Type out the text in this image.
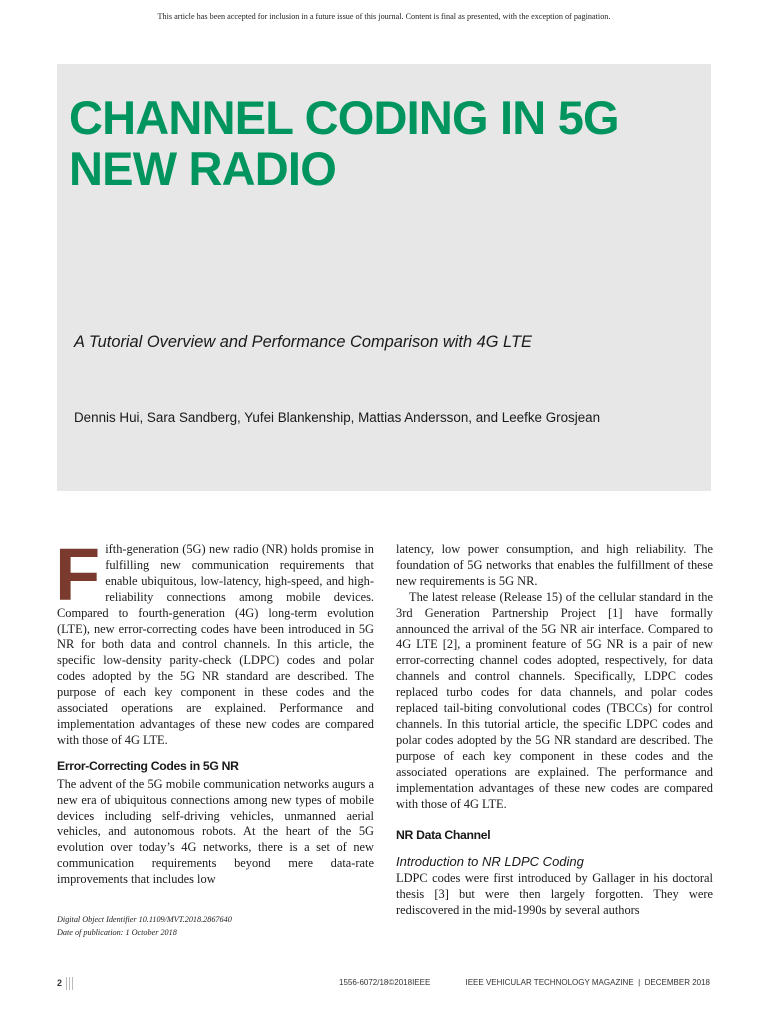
This article has been accepted for inclusion in a future issue of this journal. Content is final as presented, with the exception of pagination.
CHANNEL CODING IN 5G
NEW RADIO

A Tutorial Overview and Performance Comparison with 4G LTE

Dennis Hui, Sara Sandberg, Yufei Blankenship, Mattias Andersson, and Leefke Grosjean

Fifth-generation (5G) new radio (NR) holds promise in fulfilling new communication requirements that enable ubiquitous, low-latency, high-speed, and high-reliability connections among mobile devices. Compared to fourth-generation (4G) long-term evolution (LTE), new error-correcting codes have been introduced in 5G NR for both data and control channels. In this article, the specific low-density parity-check (LDPC) codes and polar codes adopted by the 5G NR standard are described. The purpose of each key component in these codes and the associated operations are explained. Performance and implementation advantages of these new codes are compared with those of 4G LTE.

Error-Correcting Codes in 5G NR

The advent of the 5G mobile communication networks augurs a new era of ubiquitous connections among new types of mobile devices including self-driving vehicles, unmanned aerial vehicles, and autonomous robots. At the heart of the 5G evolution over today’s 4G networks, there is a set of new communication requirements beyond mere data-rate improvements that includes low

latency, low power consumption, and high reliability. The foundation of 5G networks that enables the fulfillment of these new requirements is 5G NR.

The latest release (Release 15) of the cellular standard in the 3rd Generation Partnership Project [1] have formally announced the arrival of the 5G NR air interface. Compared to 4G LTE [2], a prominent feature of 5G NR is a pair of new error-correcting channel codes adopted, respectively, for data channels and control channels. Specifically, LDPC codes replaced turbo codes for data channels, and polar codes replaced tail-biting convolutional codes (TBCCs) for control channels. In this tutorial article, the specific LDPC codes and polar codes adopted by the 5G NR standard are described. The purpose of each key component in these codes and the associated operations are explained. The performance and implementation advantages of these new codes are compared with those of 4G LTE.

NR Data Channel
Introduction to NR LDPC Coding

LDPC codes were first introduced by Gallager in his doctoral thesis [3] but were then largely forgotten. They were rediscovered in the mid-1990s by several authors

Digital Object Identifier 10.1109/MVT.2018.2867640
Date of publication: 1 October 2018
2	1556-6072/18©2018IEEE	IEEE VEHICULAR TECHNOLOGY MAGAZINE  |  DECEMBER 2018
